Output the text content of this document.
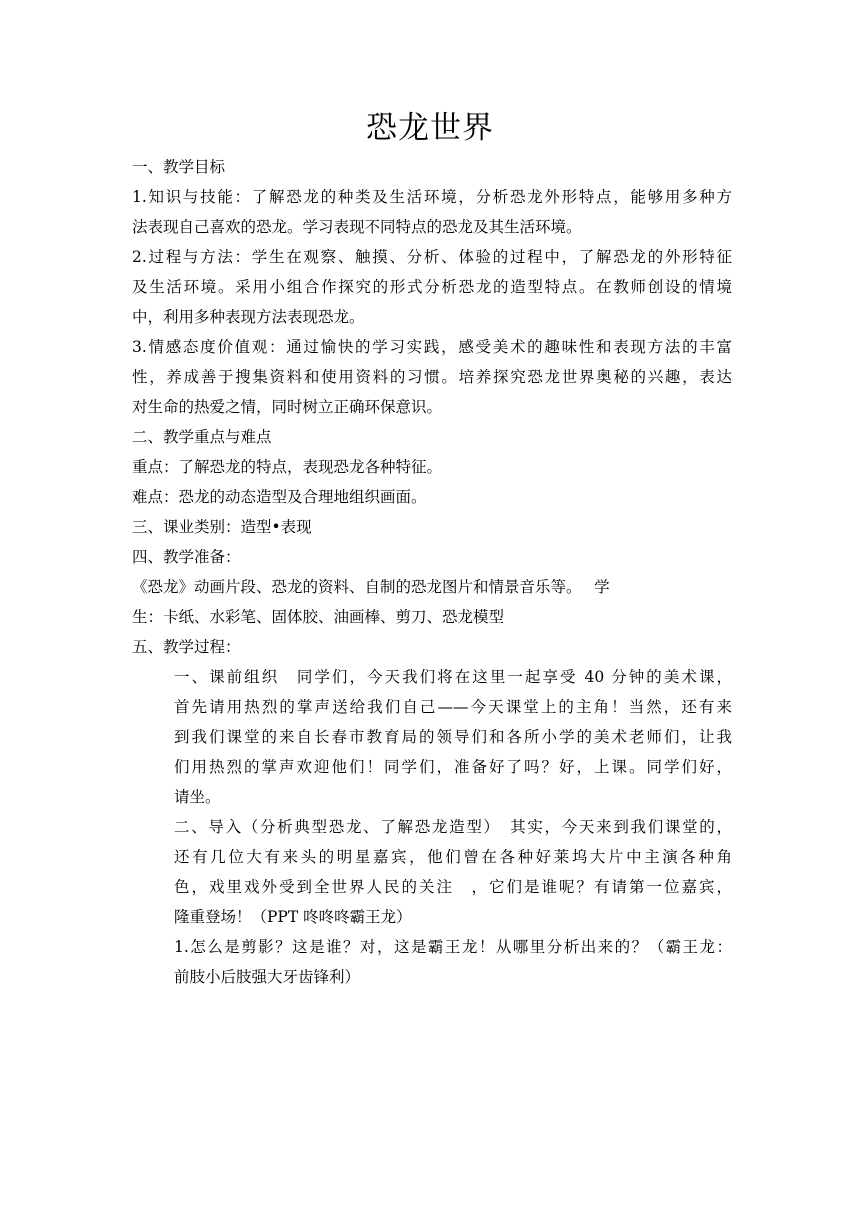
恐龙世界
一、教学目标
1.知识与技能：了解恐龙的种类及生活环境，分析恐龙外形特点，能够用多种方
法表现自己喜欢的恐龙。学习表现不同特点的恐龙及其生活环境。
2.过程与方法：学生在观察、触摸、分析、体验的过程中，了解恐龙的外形特征
及生活环境。采用小组合作探究的形式分析恐龙的造型特点。在教师创设的情境
中，利用多种表现方法表现恐龙。
3.情感态度价值观：通过愉快的学习实践，感受美术的趣味性和表现方法的丰富
性，养成善于搜集资料和使用资料的习惯。培养探究恐龙世界奥秘的兴趣，表达
对生命的热爱之情，同时树立正确环保意识。
二、教学重点与难点
重点：了解恐龙的特点，表现恐龙各种特征。
难点：恐龙的动态造型及合理地组织画面。
三、课业类别：造型•表现
四、教学准备：
《恐龙》动画片段、恐龙的资料、自制的恐龙图片和情景音乐等。　 学
生：卡纸、水彩笔、固体胶、油画棒、剪刀、恐龙模型
五、教学过程：
一、课前组织　同学们，今天我们将在这里一起享受 40 分钟的美术课，
首先请用热烈的掌声送给我们自己——今天课堂上的主角！当然，还有来
到我们课堂的来自长春市教育局的领导们和各所小学的美术老师们，让我
们用热烈的掌声欢迎他们！同学们，准备好了吗？好，上课。同学们好，
请坐。
二、导入（分析典型恐龙、了解恐龙造型）　其实，今天来到我们课堂的，
还有几位大有来头的明星嘉宾，他们曾在各种好莱坞大片中主演各种角
色，戏里戏外受到全世界人民的关注　，它们是谁呢？有请第一位嘉宾，
隆重登场！（PPT 咚咚咚霸王龙）
1.怎么是剪影？这是谁？对，这是霸王龙！从哪里分析出来的？（霸王龙：
前肢小后肢强大牙齿锋利）
